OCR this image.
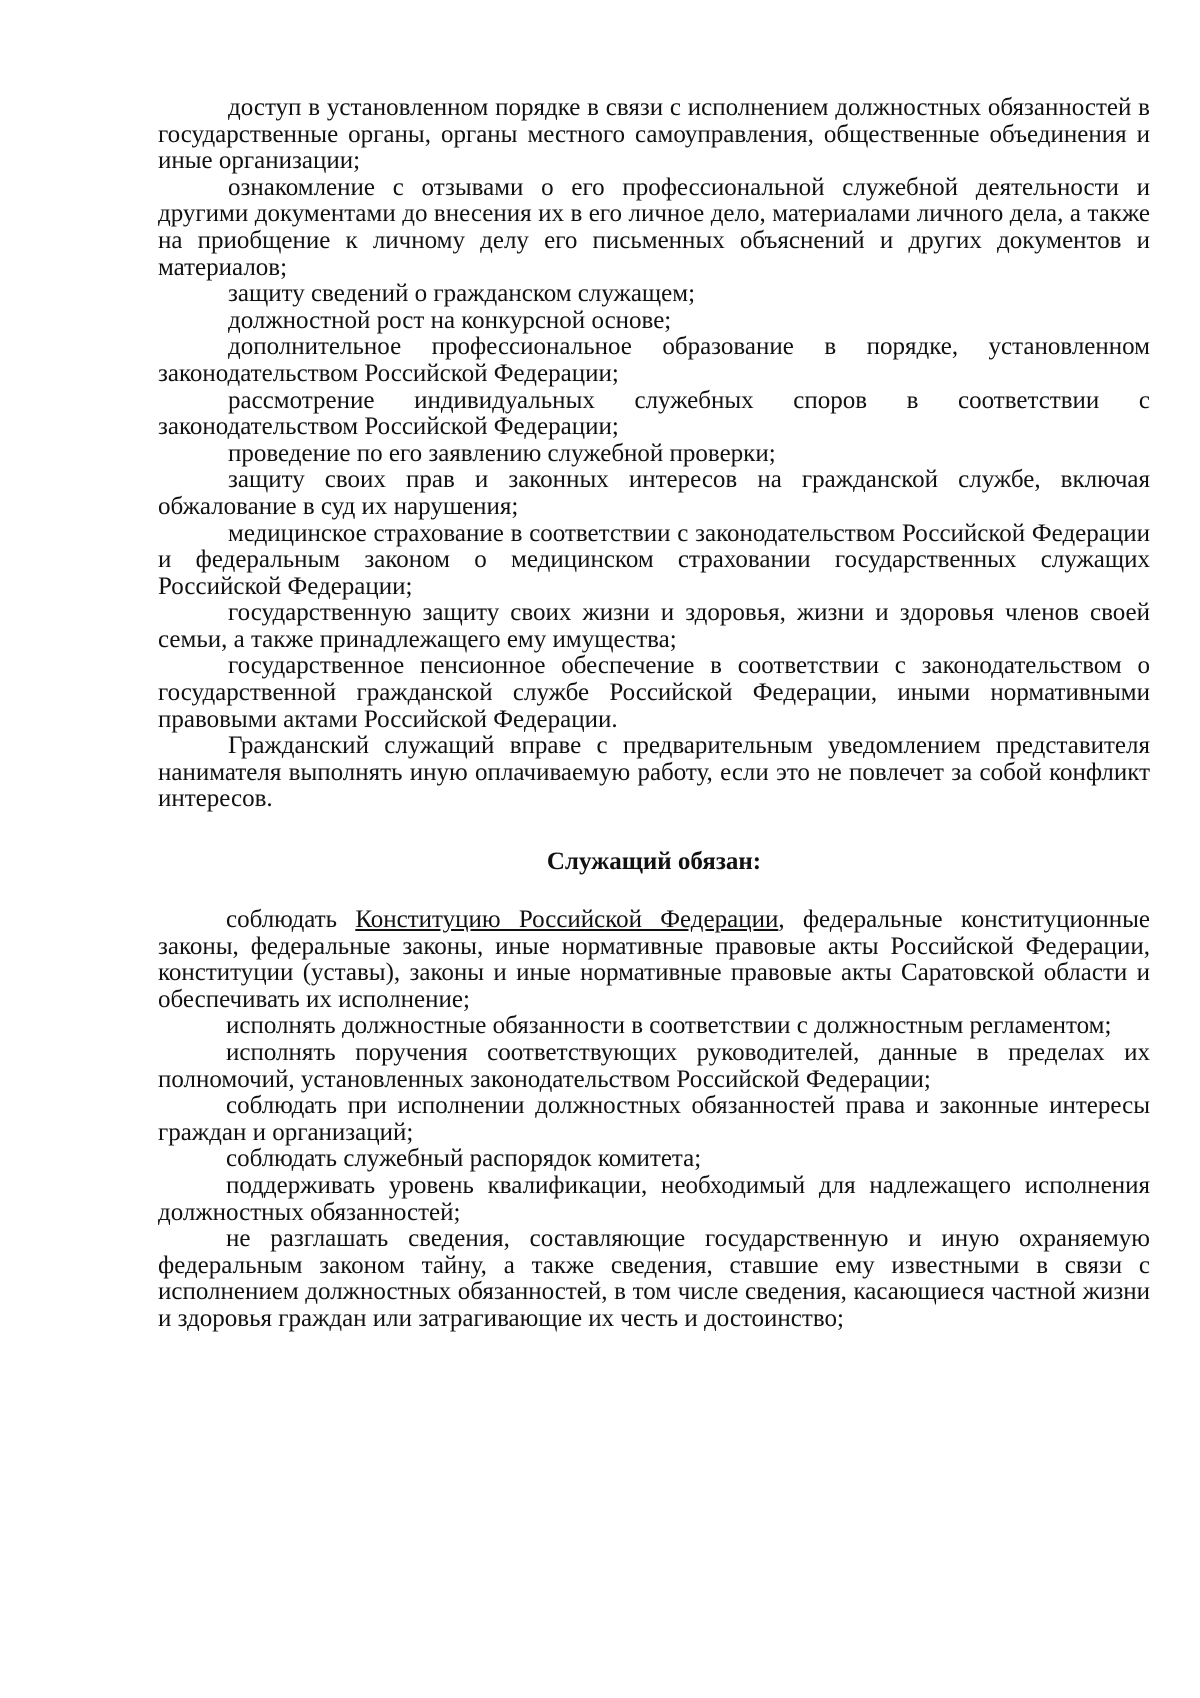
доступ в установленном порядке в связи с исполнением должностных обязанностей в государственные органы, органы местного самоуправления, общественные объединения и иные организации;

ознакомление с отзывами о его профессиональной служебной деятельности и другими документами до внесения их в его личное дело, материалами личного дела, а также на приобщение к личному делу его письменных объяснений и других документов и материалов;

защиту сведений о гражданском служащем;

должностной рост на конкурсной основе;

дополнительное профессиональное образование в порядке, установленном законодательством Российской Федерации;

рассмотрение индивидуальных служебных споров в соответствии с законодательством Российской Федерации;

проведение по его заявлению служебной проверки;

защиту своих прав и законных интересов на гражданской службе, включая обжалование в суд их нарушения;

медицинское страхование в соответствии с законодательством Российской Федерации и федеральным законом о медицинском страховании государственных служащих Российской Федерации;

государственную защиту своих жизни и здоровья, жизни и здоровья членов своей семьи, а также принадлежащего ему имущества;

государственное пенсионное обеспечение в соответствии с законодательством о государственной гражданской службе Российской Федерации, иными нормативными правовыми актами Российской Федерации.

Гражданский служащий вправе с предварительным уведомлением представителя нанимателя выполнять иную оплачиваемую работу, если это не повлечет за собой конфликт интересов.

Служащий обязан:

соблюдать Конституцию Российской Федерации, федеральные конституционные законы, федеральные законы, иные нормативные правовые акты Российской Федерации, конституции (уставы), законы и иные нормативные правовые акты Саратовской области и обеспечивать их исполнение;

исполнять должностные обязанности в соответствии с должностным регламентом;

исполнять поручения соответствующих руководителей, данные в пределах их полномочий, установленных законодательством Российской Федерации;

соблюдать при исполнении должностных обязанностей права и законные интересы граждан и организаций;

соблюдать служебный распорядок комитета;

поддерживать уровень квалификации, необходимый для надлежащего исполнения должностных обязанностей;

не разглашать сведения, составляющие государственную и иную охраняемую федеральным законом тайну, а также сведения, ставшие ему известными в связи с исполнением должностных обязанностей, в том числе сведения, касающиеся частной жизни и здоровья граждан или затрагивающие их честь и достоинство;
